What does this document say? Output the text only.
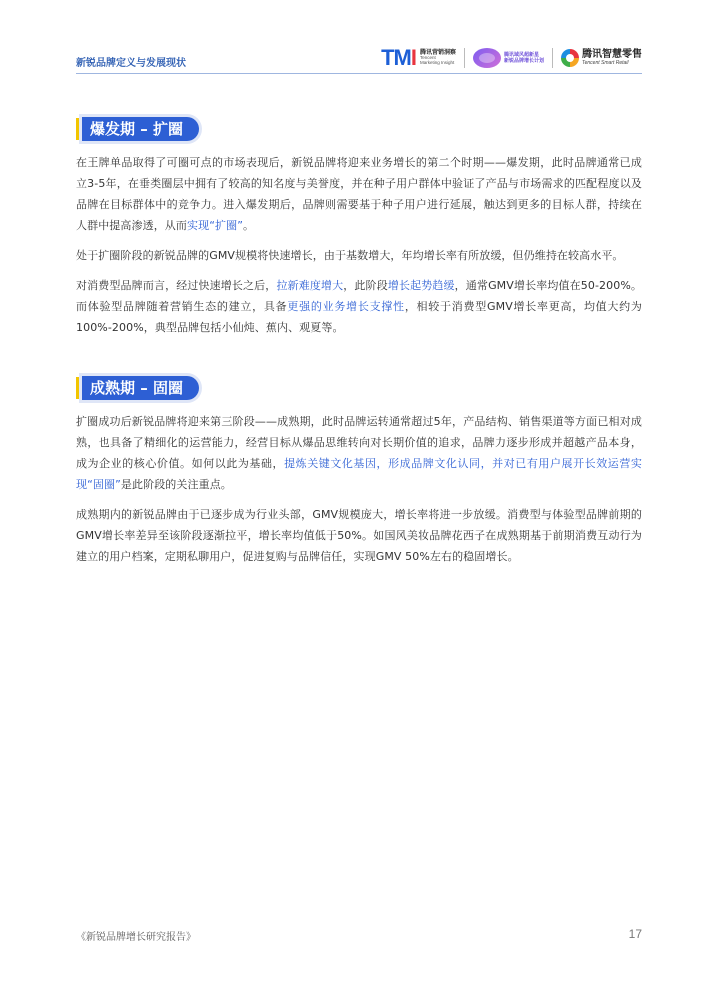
新锐品牌定义与发展现状	TMI 腾讯营销洞察
Tencent
Marketing Insight
腾讯域风超新星
新锐品牌增长计划
腾讯智慧零售
Tencent Smart Retail
爆发期 – 扩圈

在王牌单品取得了可圈可点的市场表现后，新锐品牌将迎来业务增长的第二个时期——爆发期，此时品牌通常已成立3-5年，在垂类圈层中拥有了较高的知名度与美誉度，并在种子用户群体中验证了产品与市场需求的匹配程度以及品牌在目标群体中的竞争力。进入爆发期后，品牌则需要基于种子用户进行延展，触达到更多的目标人群，持续在人群中提高渗透，从而实现“扩圈”。

处于扩圈阶段的新锐品牌的GMV规模将快速增长，由于基数增大，年均增长率有所放缓，但仍维持在较高水平。

对消费型品牌而言，经过快速增长之后，拉新难度增大，此阶段增长起势趋缓，通常GMV增长率均值在50-200%。而体验型品牌随着营销生态的建立，具备更强的业务增长支撑性，相较于消费型GMV增长率更高，均值大约为100%-200%，典型品牌包括小仙炖、蕉内、观夏等。

成熟期 – 固圈

扩圈成功后新锐品牌将迎来第三阶段——成熟期，此时品牌运转通常超过5年，产品结构、销售渠道等方面已相对成熟，也具备了精细化的运营能力，经营目标从爆品思维转向对长期价值的追求，品牌力逐步形成并超越产品本身，成为企业的核心价值。如何以此为基础，提炼关键文化基因，形成品牌文化认同，并对已有用户展开长效运营实现“固圈”是此阶段的关注重点。

成熟期内的新锐品牌由于已逐步成为行业头部，GMV规模庞大，增长率将进一步放缓。消费型与体验型品牌前期的GMV增长率差异至该阶段逐渐拉平，增长率均值低于50%。如国风美妆品牌花西子在成熟期基于前期消费互动行为建立的用户档案，定期私聊用户，促进复购与品牌信任，实现GMV 50%左右的稳固增长。

《新锐品牌增长研究报告》	17
